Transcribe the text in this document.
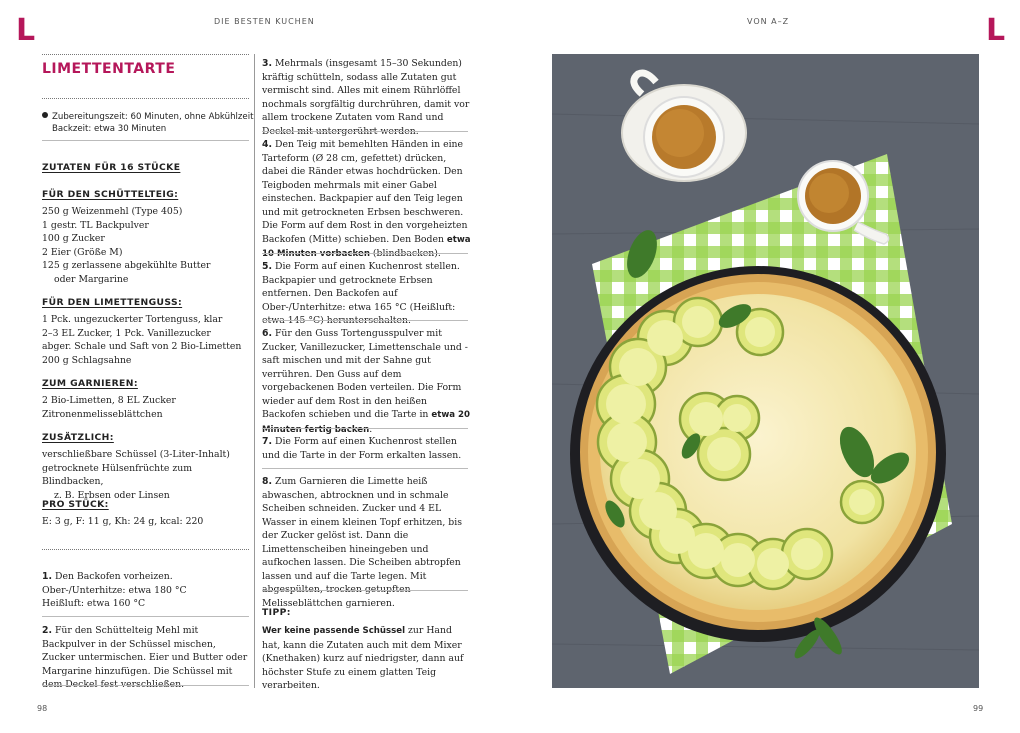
L	DIE BESTEN KUCHEN	VON A–Z	L
LIMETTENTARTE
Zubereitungszeit: 60 Minuten, ohne Abkühlzeit
Backzeit: etwa 30 Minuten
ZUTATEN FÜR 16 STÜCKE
FÜR DEN SCHÜTTELTEIG:

250 g Weizenmehl (Type 405)

1 gestr. TL Backpulver

100 g Zucker

2 Eier (Größe M)

125 g zerlassene abgekühlte Butter

oder Margarine

FÜR DEN LIMETTENGUSS:

1 Pck. ungezuckerter Tortenguss, klar

2–3 EL Zucker, 1 Pck. Vanillezucker

abger. Schale und Saft von 2 Bio-Limetten

200 g Schlagsahne

ZUM GARNIEREN:

2 Bio-Limetten, 8 EL Zucker

Zitronenmelisseblättchen

ZUSÄTZLICH:

verschließbare Schüssel (3-Liter-Inhalt)

getrocknete Hülsenfrüchte zum Blindbacken,

z. B. Erbsen oder Linsen

PRO STÜCK:

E: 3 g, F: 11 g, Kh: 24 g, kcal: 220

1. Den Backofen vorheizen.

Ober-/Unterhitze: etwa 180 °C

Heißluft: etwa 160 °C

2. Für den Schüttelteig Mehl mit Backpulver in der Schüssel mischen, Zucker untermischen. Eier und Butter oder Margarine hinzufügen. Die Schüssel mit dem Deckel fest verschließen.
3. Mehrmals (insgesamt 15–30 Sekunden) kräftig schütteln, sodass alle Zutaten gut vermischt sind. Alles mit einem Rührlöffel nochmals sorgfältig durchrühren, damit vor allem trockene Zutaten vom Rand und Deckel mit untergerührt werden.
4. Den Teig mit bemehlten Händen in eine Tarteform (Ø 28 cm, gefettet) drücken, dabei die Ränder etwas hochdrücken. Den Teigboden mehrmals mit einer Gabel einstechen. Backpapier auf den Teig legen und mit getrockneten Erbsen beschweren. Die Form auf dem Rost in den vorgeheizten Backofen (Mitte) schieben. Den Boden etwa 10 Minuten vorbacken (blindbacken).
5. Die Form auf einen Kuchenrost stellen. Backpapier und getrocknete Erbsen entfernen. Den Backofen auf Ober-/Unterhitze: etwa 165 °C (Heißluft: etwa 145 °C) herunterschalten.
6. Für den Guss Tortengusspulver mit Zucker, Vanillezucker, Limettenschale und -saft mischen und mit der Sahne gut verrühren. Den Guss auf dem vorgebackenen Boden verteilen. Die Form wieder auf dem Rost in den heißen Backofen schieben und die Tarte in etwa 20 Minuten fertig backen.
7. Die Form auf einen Kuchenrost stellen und die Tarte in der Form erkalten lassen.
8. Zum Garnieren die Limette heiß abwaschen, abtrocknen und in schmale Scheiben schneiden. Zucker und 4 EL Wasser in einem kleinen Topf erhitzen, bis der Zucker gelöst ist. Dann die Limettenscheiben hineingeben und aufkochen lassen. Die Scheiben abtropfen lassen und auf die Tarte legen. Mit abgespülten, trocken getupften Melisseblättchen garnieren.
TIPP:
Wer keine passende Schüssel zur Hand hat, kann die Zutaten auch mit dem Mixer (Knethaken) kurz auf niedrigster, dann auf höchster Stufe zu einem glatten Teig verarbeiten.
98	99
